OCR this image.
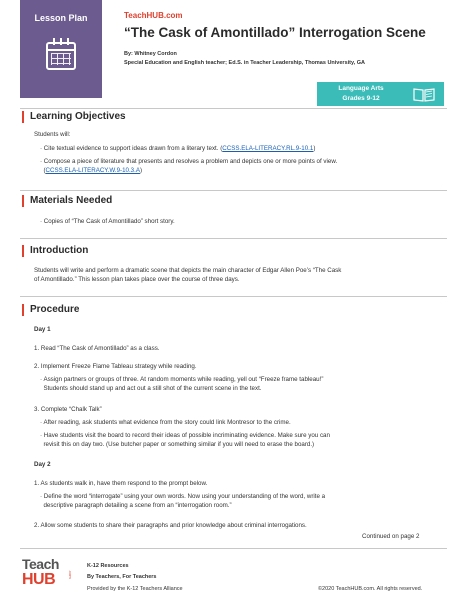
Lesson Plan	TeachHUB.com
“The Cask of Amontillado” Interrogation Scene
By: Whitney Cordon
Special Education and English teacher; Ed.S. in Teacher Leadership, Thomas University, GA
Language Arts
Grades 9-12
Learning Objectives
Students will:
· Cite textual evidence to support ideas drawn from a literary text. (CCSS.ELA-LITERACY.RL.9-10.1)
· Compose a piece of literature that presents and resolves a problem and depicts one or more points of view.
(CCSS.ELA-LITERACY.W.9-10.3.A)
Materials Needed
· Copies of “The Cask of Amontillado” short story.
Introduction
Students will write and perform a dramatic scene that depicts the main character of Edgar Allen Poe’s “The Cask
of Amontillado.” This lesson plan takes place over the course of three days.
Procedure
Day 1
1. Read “The Cask of Amontillado” as a class.
2. Implement Freeze Flame Tableau strategy while reading.
· Assign partners or groups of three. At random moments while reading, yell out “Freeze frame tableau!”
Students should stand up and act out a still shot of the current scene in the text.
3. Complete “Chalk Talk”
· After reading, ask students what evidence from the story could link Montresor to the crime.
· Have students visit the board to record their ideas of possible incriminating evidence. Make sure you can
revisit this on day two. (Use butcher paper or something similar if you will need to erase the board.)
Day 2
1. As students walk in, have them respond to the prompt below.
· Define the word “interrogate” using your own words. Now using your understanding of the word, write a
descriptive paragraph detailing a scene from an “interrogation room.”
2. Allow some students to share their paragraphs and prior knowledge about criminal interrogations.
Continued on page 2
Teach
HUB	.com
K-12 Resources
By Teachers, For Teachers
Provided by the K-12 Teachers Alliance	©2020 TeachHUB.com. All rights reserved.
